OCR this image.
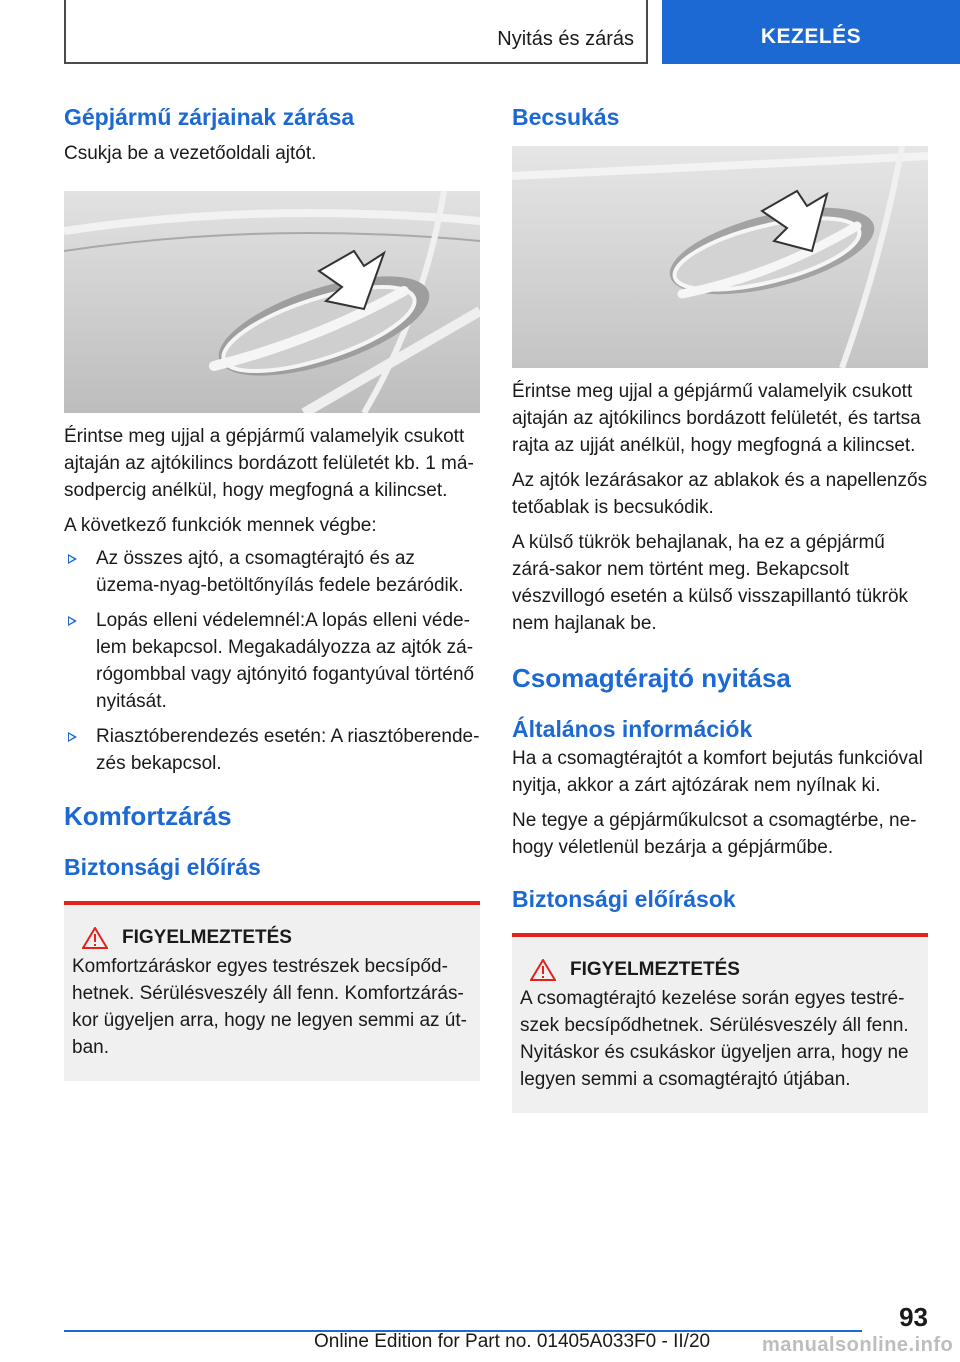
Nyitás és zárás	KEZELÉS
Gépjármű zárjainak zárása

Csukja be a vezetőoldali ajtót.

Érintse meg ujjal a gépjármű valamelyik csukott ajtaján az ajtókilincs bordázott felületét kb. 1 má-sodpercig anélkül, hogy megfogná a kilincset.

A következő funkciók mennek végbe:

Az összes ajtó, a csomagtérajtó és az üzema-nyag-betöltőnyílás fedele bezáródik.
Lopás elleni védelemnél:A lopás elleni véde-lem bekapcsol. Megakadályozza az ajtók zá-rógombbal vagy ajtónyitó fogantyúval történő nyitását.
Riasztóberendezés esetén: A riasztóberende-zés bekapcsol.
Komfortzárás
Biztonsági előírás
FIGYELMEZTETÉS

Komfortzáráskor egyes testrészek becsípőd-hetnek. Sérülésveszély áll fenn. Komfortzárás-kor ügyeljen arra, hogy ne legyen semmi az út-ban.

Becsukás

Érintse meg ujjal a gépjármű valamelyik csukott ajtaján az ajtókilincs bordázott felületét, és tartsa rajta az ujját anélkül, hogy megfogná a kilincset.

Az ajtók lezárásakor az ablakok és a napellenzős tetőablak is becsukódik.

A külső tükrök behajlanak, ha ez a gépjármű zárá-sakor nem történt meg. Bekapcsolt vészvillogó esetén a külső visszapillantó tükrök nem hajlanak be.

Csomagtérajtó nyitása
Általános információk

Ha a csomagtérajtót a komfort bejutás funkcióval nyitja, akkor a zárt ajtózárak nem nyílnak ki.

Ne tegye a gépjárműkulcsot a csomagtérbe, ne-hogy véletlenül bezárja a gépjárműbe.

Biztonsági előírások
FIGYELMEZTETÉS

A csomagtérajtó kezelése során egyes testré-szek becsípődhetnek. Sérülésveszély áll fenn. Nyitáskor és csukáskor ügyeljen arra, hogy ne legyen semmi a csomagtérajtó útjában.

93
Online Edition for Part no. 01405A033F0 - II/20	manualsonline.info
